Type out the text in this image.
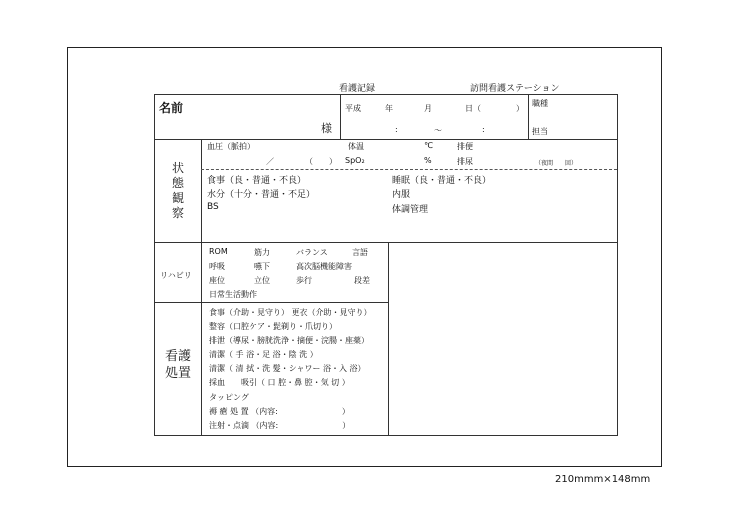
看護記録	訪問看護ステーション
名前
様
平成	年	月	日（	）
:	～	:
職種
担当
状
態
観
察
血圧（脈拍）
／	（　　）
体温	℃
SpO₂	%
排便
排尿	（夜間　　回）
食事（良・普通・不良）	睡眠（良・普通・不良）
水分（十分・普通・不足）	内服
BS	体調管理
リハビリ
ROM	筋力	バランス	言語
呼吸	嚥下	高次脳機能障害
座位	立位	歩行	段差
日常生活動作
看護
処置
食事（介助・見守り） 更衣（介助・見守り）
整容（口腔ケア・髭剃り・爪切り）
排泄（導尿・膀胱洗浄・摘便・浣腸・座薬）
清潔（ 手 浴・足 浴・陰 洗 ）
清潔（ 清 拭・洗 髪・シャワー 浴・入 浴）
採血　　吸引（ 口 腔・鼻 腔・気 切 ）
タッピング
褥 瘡 処 置 （内容:　　　　　　　　）
注射・点滴 （内容:　　　　　　　　）
210mmm×148mm
